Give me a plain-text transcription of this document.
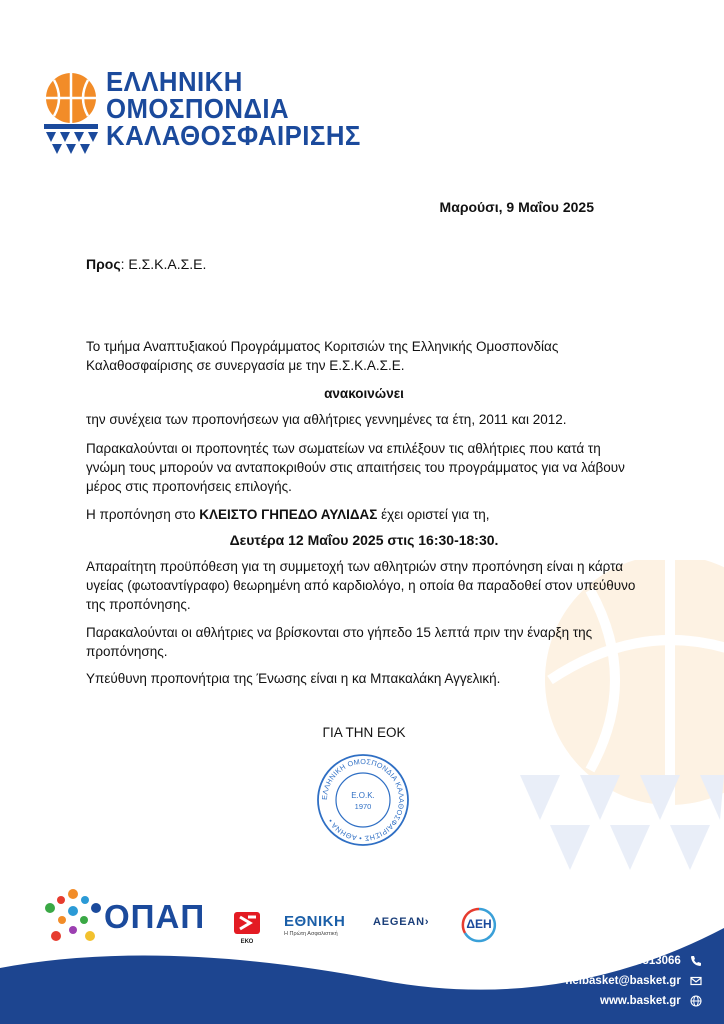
ΕΛΛΗΝΙΚΗ
ΟΜΟΣΠΟΝΔΙΑ
ΚΑΛΑΘΟΣΦΑΙΡΙΣΗΣ
Μαρούσι, 9 Μαΐου 2025
Προς: Ε.Σ.Κ.Α.Σ.Ε.

Το τμήμα Αναπτυξιακού Προγράμματος Κοριτσιών της Ελληνικής Ομοσπονδίας Καλαθοσφαίρισης σε συνεργασία με την Ε.Σ.Κ.Α.Σ.Ε.

ανακοινώνει

την συνέχεια των προπονήσεων για αθλήτριες γεννημένες τα έτη, 2011 και 2012.

Παρακαλούνται οι προπονητές των σωματείων να επιλέξουν τις αθλήτριες που κατά τη γνώμη τους μπορούν να ανταποκριθούν στις απαιτήσεις του προγράμματος για να λάβουν μέρος στις προπονήσεις επιλογής.

Η προπόνηση στο ΚΛΕΙΣΤΟ ΓΗΠΕΔΟ ΑΥΛΙΔΑΣ έχει οριστεί για τη,

Δευτέρα 12 Μαΐου 2025 στις 16:30-18:30.

Απαραίτητη προϋπόθεση για τη συμμετοχή των αθλητριών στην προπόνηση είναι η κάρτα υγείας (φωτοαντίγραφο) θεωρημένη από καρδιολόγο, η οποία θα παραδοθεί στον υπεύθυνο της προπόνησης.

Παρακαλούνται οι αθλήτριες να βρίσκονται στο γήπεδο 15 λεπτά πριν την έναρξη της προπόνησης.

Υπεύθυνη προπονήτρια της Ένωσης είναι η κα Μπακαλάκη Αγγελική.

ΓΙΑ ΤΗΝ ΕΟΚ
ΕΛΛΗΝΙΚΗ ΟΜΟΣΠΟΝΔΙΑ ΚΑΛΑΘΟΣΦΑΙΡΙΣΗΣ • ΑΘΗΝΑ •
Ε.Ο.Κ.
1970
ΟΠΑΠ
ΕΚΟ
ΕΘΝΙΚΗ
Η Πρώτη Ασφαλιστική
AEGEAN›	ΔΕΗ
210 6813066
helbasket@basket.gr
www.basket.gr
